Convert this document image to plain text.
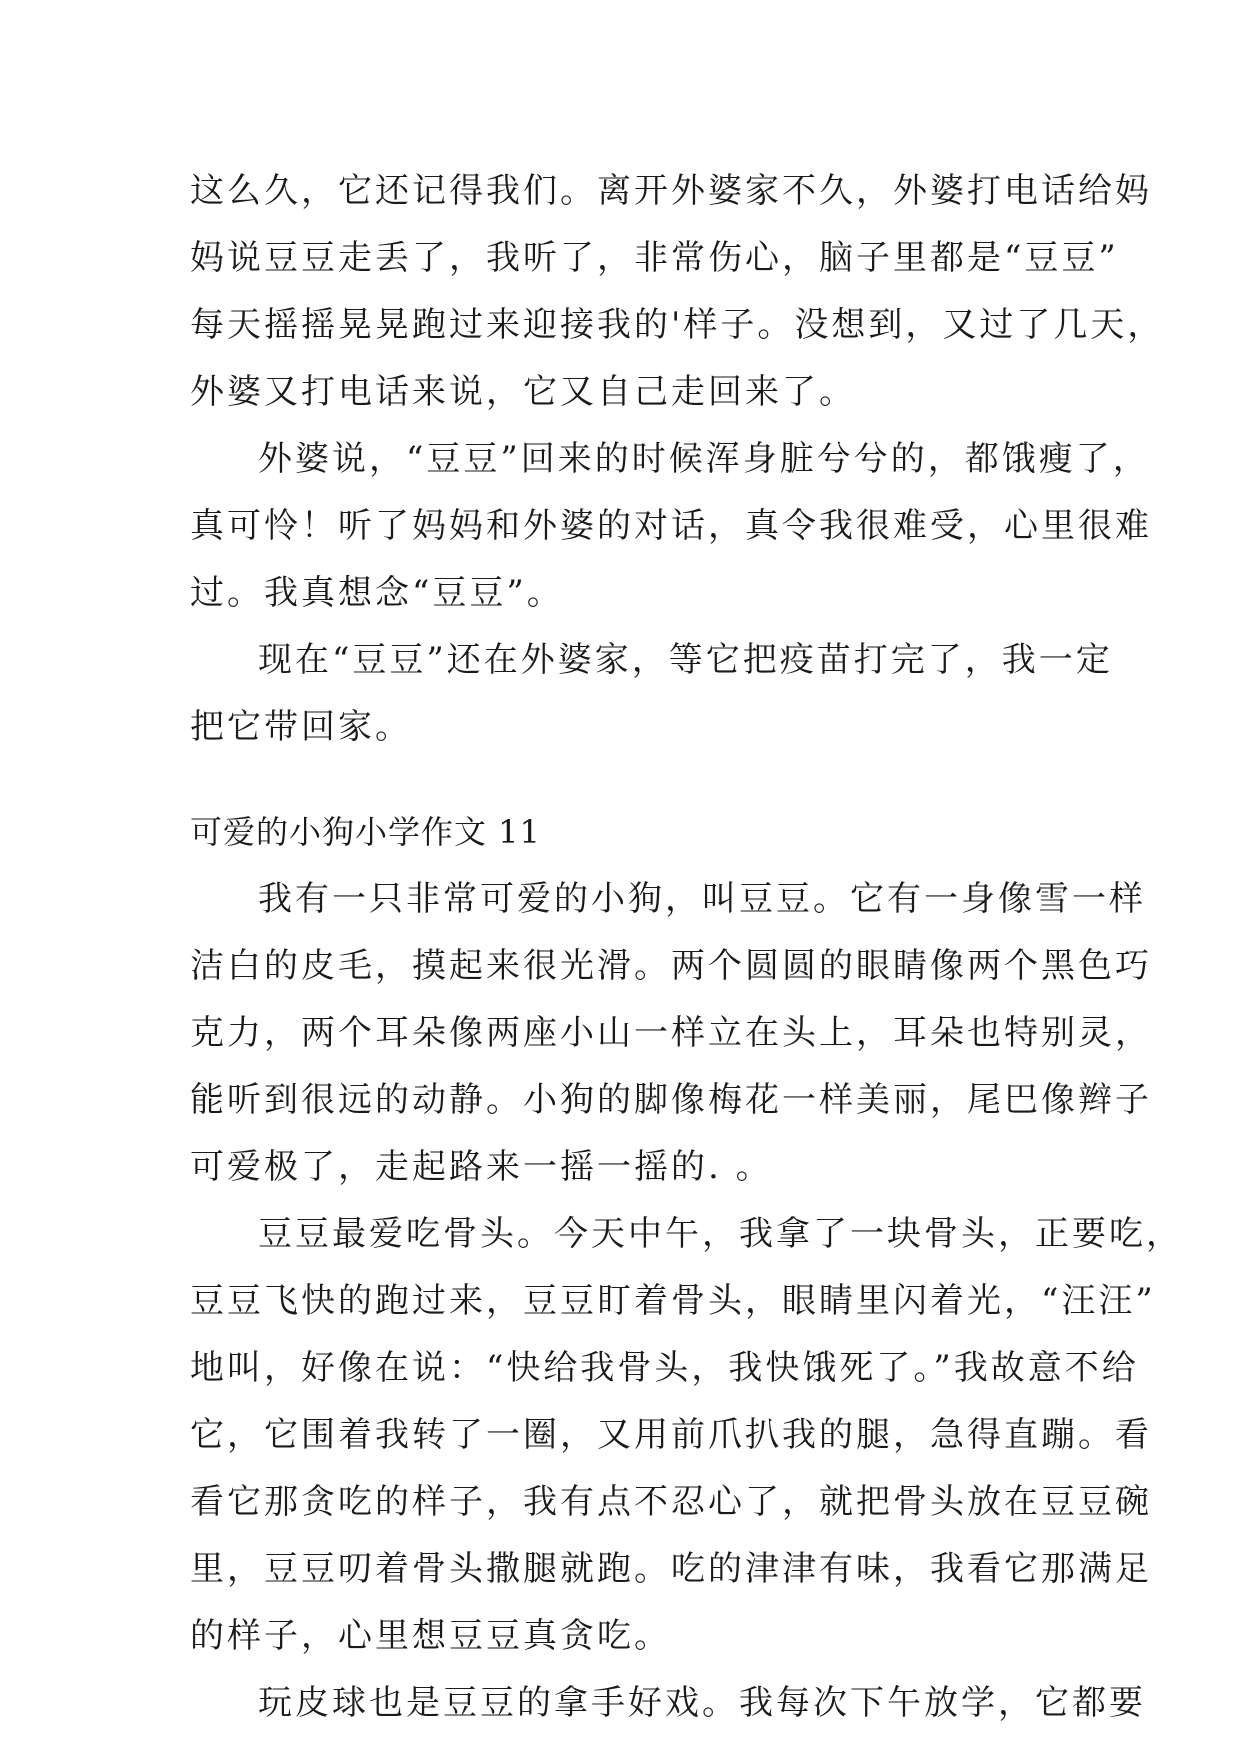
这么久，它还记得我们。离开外婆家不久，外婆打电话给妈
妈说豆豆走丢了，我听了，非常伤心，脑子里都是“豆豆”
每天摇摇晃晃跑过来迎接我的'样子。没想到，又过了几天，
外婆又打电话来说，它又自己走回来了。
外婆说，“豆豆”回来的时候浑身脏兮兮的，都饿瘦了，
真可怜！听了妈妈和外婆的对话，真令我很难受，心里很难
过。我真想念“豆豆”。
现在“豆豆”还在外婆家，等它把疫苗打完了，我一定
把它带回家。
可爱的小狗小学作文 11
我有一只非常可爱的小狗，叫豆豆。它有一身像雪一样
洁白的皮毛，摸起来很光滑。两个圆圆的眼睛像两个黑色巧
克力，两个耳朵像两座小山一样立在头上，耳朵也特别灵，
能听到很远的动静。小狗的脚像梅花一样美丽，尾巴像辫子
可爱极了，走起路来一摇一摇的. 。
豆豆最爱吃骨头。今天中午，我拿了一块骨头，正要吃，
豆豆飞快的跑过来，豆豆盯着骨头，眼睛里闪着光，“汪汪”
地叫，好像在说：“快给我骨头，我快饿死了。”我故意不给
它，它围着我转了一圈，又用前爪扒我的腿，急得直蹦。看
看它那贪吃的样子，我有点不忍心了，就把骨头放在豆豆碗
里，豆豆叨着骨头撒腿就跑。吃的津津有味，我看它那满足
的样子，心里想豆豆真贪吃。
玩皮球也是豆豆的拿手好戏。我每次下午放学，它都要
